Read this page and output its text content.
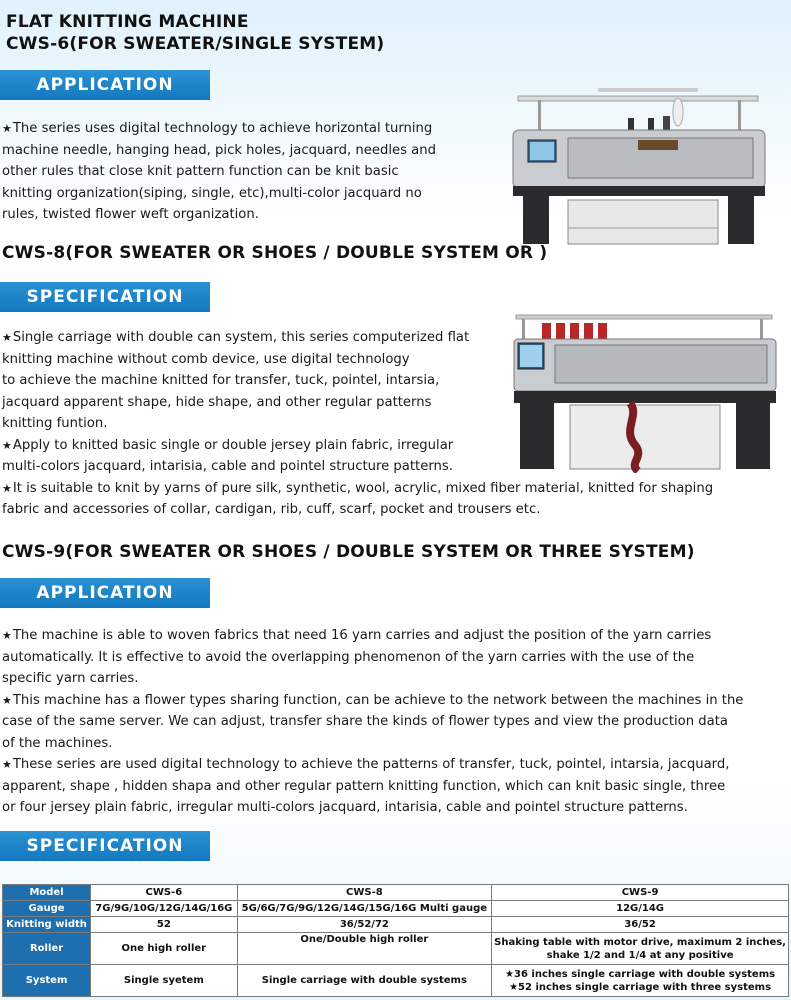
FLAT KNITTING MACHINE
CWS-6(FOR SWEATER/SINGLE SYSTEM)
APPLICATION

★The series uses digital technology to achieve horizontal turning

machine needle, hanging head, pick holes, jacquard, needles and

other rules that close knit pattern function can be knit basic

knitting organization(siping, single, etc),multi-color jacquard no

rules, twisted flower weft organization.

CWS-8(FOR SWEATER OR SHOES / DOUBLE SYSTEM OR )
SPECIFICATION

★Single carriage with double can system, this series computerized flat

knitting machine without comb device, use digital technology

to achieve the machine knitted for transfer, tuck, pointel, intarsia,

jacquard apparent shape, hide shape, and other regular patterns

knitting funtion.

★Apply to knitted basic single or double jersey plain fabric, irregular

multi-colors jacquard, intarisia, cable and pointel structure patterns.

★It is suitable to knit by yarns of pure silk, synthetic, wool, acrylic, mixed fiber material, knitted for shaping

fabric and accessories of collar, cardigan, rib, cuff, scarf, pocket and trousers etc.

CWS-9(FOR SWEATER OR SHOES / DOUBLE SYSTEM OR THREE SYSTEM)
APPLICATION

★The machine is able to woven fabrics that need 16 yarn carries and adjust the position of the yarn carries

automatically. It is effective to avoid the overlapping phenomenon of the yarn carries with the use of the

specific yarn carries.

★This machine has a flower types sharing function, can be achieve to the network between the machines in the

case of the same server. We can adjust, transfer share the kinds of flower types and view the production data

of the machines.

★These series are used digital technology to achieve the patterns of transfer, tuck, pointel, intarsia, jacquard,

apparent, shape , hidden shapa and other regular pattern knitting function, which can knit basic single, three

or four jersey plain fabric, irregular multi-colors jacquard, intarisia, cable and pointel structure patterns.

SPECIFICATION
Model	CWS-6	CWS-8	CWS-9
Gauge	7G/9G/10G/12G/14G/16G	5G/6G/7G/9G/12G/14G/15G/16G Multi gauge	12G/14G
Knitting width	52	36/52/72	36/52
Roller	One high roller	One/Double high roller	Shaking table with motor drive, maximum 2 inches,
shake 1/2 and 1/4 at any positive
System	Single syetem	Single carriage with double systems	★36 inches single carriage with double systems
★52 inches single carriage with three systems
